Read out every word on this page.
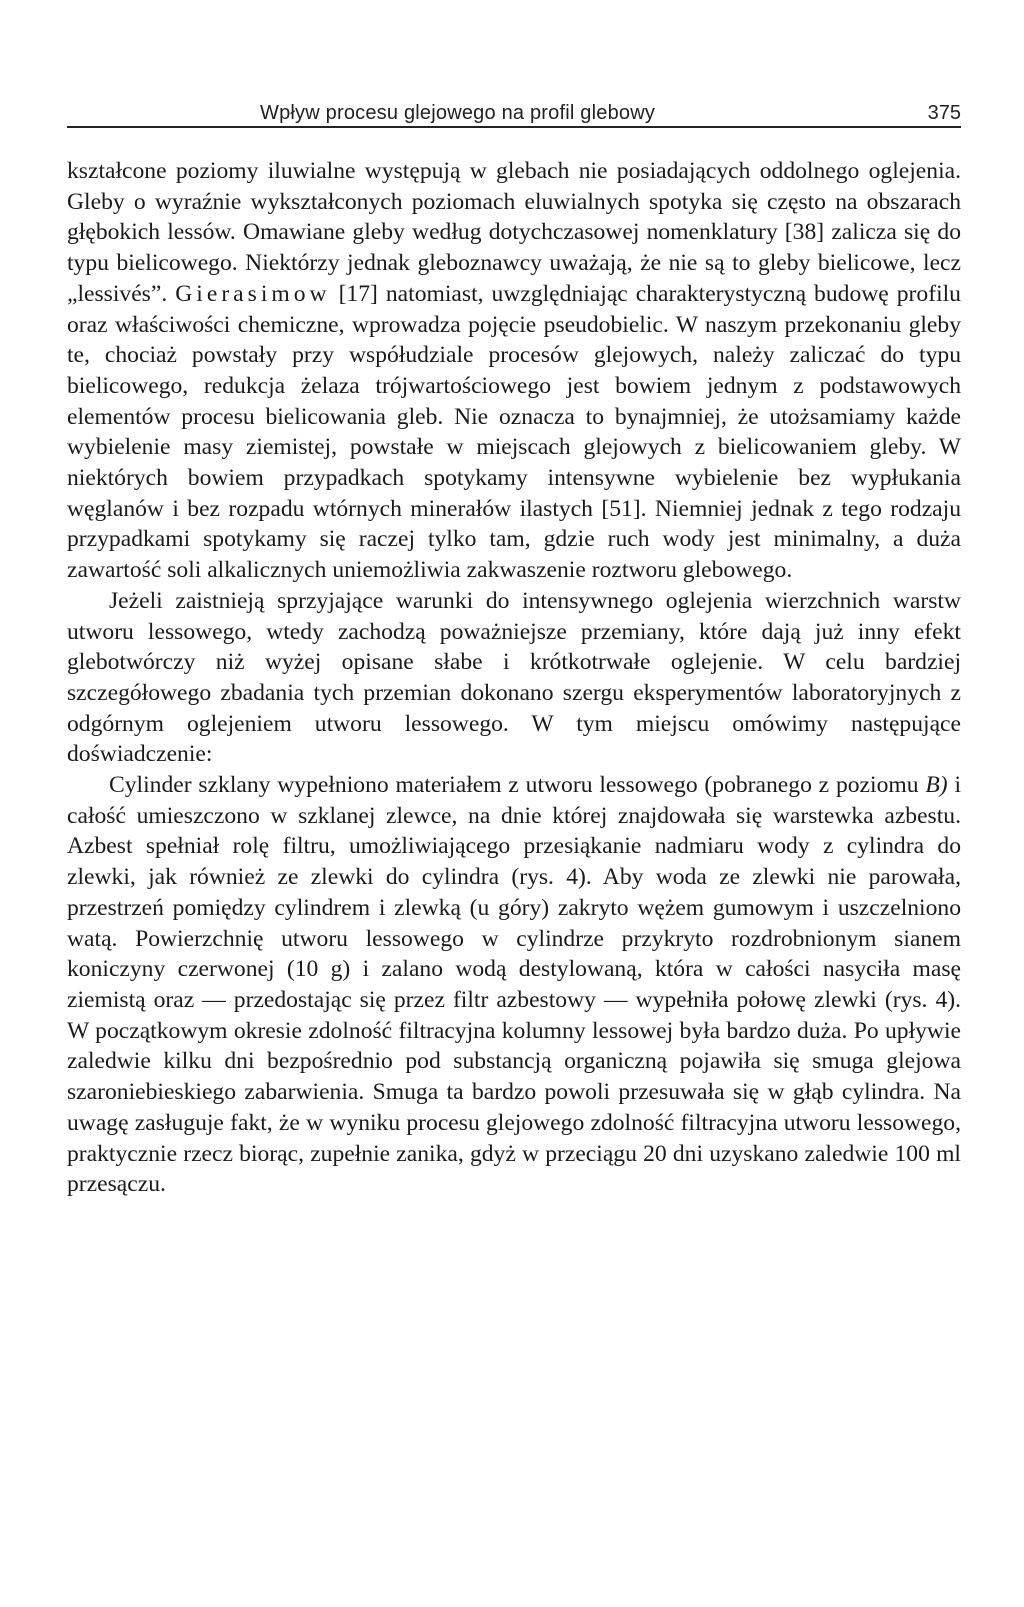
Wpływ procesu glejowego na profil glebowy	375

kształcone poziomy iluwialne występują w glebach nie posiadających oddolnego oglejenia. Gleby o wyraźnie wykształconych poziomach eluwialnych spotyka się często na obszarach głębokich lessów. Omawiane gleby według dotychczasowej nomenklatury [38] zalicza się do typu bielicowego. Niektórzy jednak gleboznawcy uważają, że nie są to gleby bielicowe, lecz „lessivés”. Gierasimow [17] natomiast, uwzględniając charakterystyczną budowę profilu oraz właściwości chemiczne, wprowadza pojęcie pseudobielic. W naszym przekonaniu gleby te, chociaż powstały przy współudziale procesów glejowych, należy zaliczać do typu bielicowego, redukcja żelaza trójwartościowego jest bowiem jednym z podstawowych elementów procesu bielicowania gleb. Nie oznacza to bynajmniej, że utożsamiamy każde wybielenie masy ziemistej, powstałe w miejscach glejowych z bielicowaniem gleby. W niektórych bowiem przypadkach spotykamy intensywne wybielenie bez wypłukania węglanów i bez rozpadu wtórnych minerałów ilastych [51]. Niemniej jednak z tego rodzaju przypadkami spotykamy się raczej tylko tam, gdzie ruch wody jest minimalny, a duża zawartość soli alkalicznych uniemożliwia zakwaszenie roztworu glebowego.

Jeżeli zaistnieją sprzyjające warunki do intensywnego oglejenia wierzchnich warstw utworu lessowego, wtedy zachodzą poważniejsze przemiany, które dają już inny efekt glebotwórczy niż wyżej opisane słabe i krótkotrwałe oglejenie. W celu bardziej szczegółowego zbadania tych przemian dokonano szergu eksperymentów laboratoryjnych z odgórnym oglejeniem utworu lessowego. W tym miejscu omówimy następujące doświadczenie:

Cylinder szklany wypełniono materiałem z utworu lessowego (pobranego z poziomu B) i całość umieszczono w szklanej zlewce, na dnie której znajdowała się warstewka azbestu. Azbest spełniał rolę filtru, umożliwiającego przesiąkanie nadmiaru wody z cylindra do zlewki, jak również ze zlewki do cylindra (rys. 4). Aby woda ze zlewki nie parowała, przestrzeń pomiędzy cylindrem i zlewką (u góry) zakryto wężem gumowym i uszczelniono watą. Powierzchnię utworu lessowego w cylindrze przykryto rozdrobnionym sianem koniczyny czerwonej (10 g) i zalano wodą destylowaną, która w całości nasyciła masę ziemistą oraz — przedostając się przez filtr azbestowy — wypełniła połowę zlewki (rys. 4). W początkowym okresie zdolność filtracyjna kolumny lessowej była bardzo duża. Po upływie zaledwie kilku dni bezpośrednio pod substancją organiczną pojawiła się smuga glejowa szaroniebieskiego zabarwienia. Smuga ta bardzo powoli przesuwała się w głąb cylindra. Na uwagę zasługuje fakt, że w wyniku procesu glejowego zdolność filtracyjna utworu lessowego, praktycznie rzecz biorąc, zupełnie zanika, gdyż w przeciągu 20 dni uzyskano zaledwie 100 ml przesączu.
